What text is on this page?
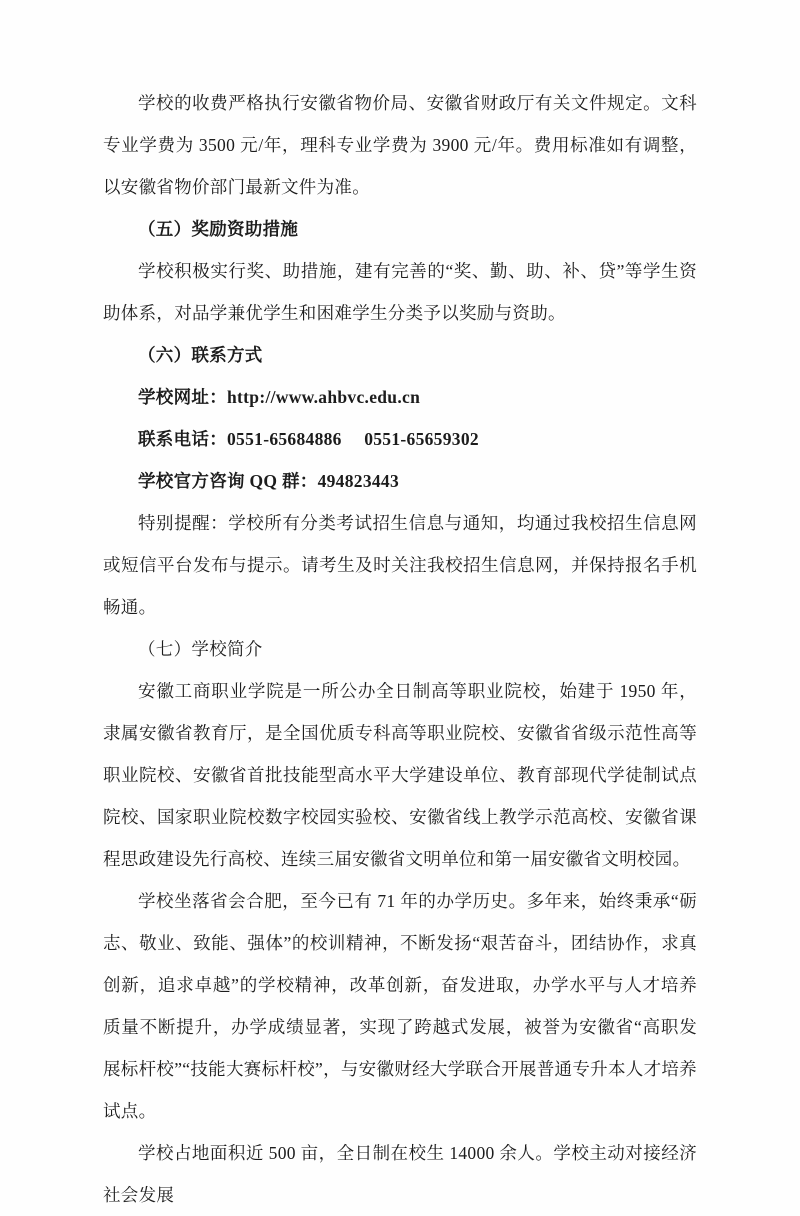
学校的收费严格执行安徽省物价局、安徽省财政厅有关文件规定。文科专业学费为 3500 元/年，理科专业学费为 3900 元/年。费用标准如有调整，以安徽省物价部门最新文件为准。

（五）奖励资助措施

学校积极实行奖、助措施，建有完善的“奖、勤、助、补、贷”等学生资助体系，对品学兼优学生和困难学生分类予以奖励与资助。

（六）联系方式

学校网址：http://www.ahbvc.edu.cn

联系电话：0551-65684886　 0551-65659302

学校官方咨询 QQ 群：494823443

特别提醒：学校所有分类考试招生信息与通知，均通过我校招生信息网或短信平台发布与提示。请考生及时关注我校招生信息网，并保持报名手机畅通。

（七）学校简介

安徽工商职业学院是一所公办全日制高等职业院校，始建于 1950 年，隶属安徽省教育厅，是全国优质专科高等职业院校、安徽省省级示范性高等职业院校、安徽省首批技能型高水平大学建设单位、教育部现代学徒制试点院校、国家职业院校数字校园实验校、安徽省线上教学示范高校、安徽省课程思政建设先行高校、连续三届安徽省文明单位和第一届安徽省文明校园。

学校坐落省会合肥，至今已有 71 年的办学历史。多年来，始终秉承“砺志、敬业、致能、强体”的校训精神，不断发扬“艰苦奋斗，团结协作，求真创新，追求卓越”的学校精神，改革创新，奋发进取，办学水平与人才培养质量不断提升，办学成绩显著，实现了跨越式发展，被誉为安徽省“高职发展标杆校”“技能大赛标杆校”，与安徽财经大学联合开展普通专升本人才培养试点。

学校占地面积近 500 亩，全日制在校生 14000 余人。学校主动对接经济社会发展
